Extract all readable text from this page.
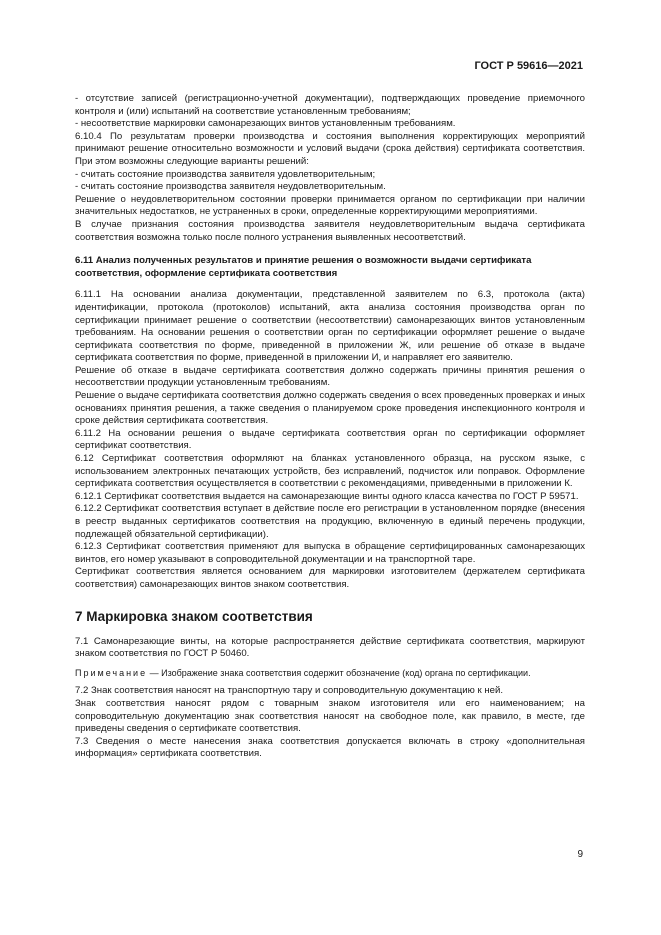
ГОСТ Р 59616—2021

- отсутствие записей (регистрационно-учетной документации), подтверждающих проведение приемочного контроля и (или) испытаний на соответствие установленным требованиям;

- несоответствие маркировки самонарезающих винтов установленным требованиям.

6.10.4 По результатам проверки производства и состояния выполнения корректирующих мероприятий принимают решение относительно возможности и условий выдачи (срока действия) сертификата соответствия. При этом возможны следующие варианты решений:

- считать состояние производства заявителя удовлетворительным;

- считать состояние производства заявителя неудовлетворительным.

Решение о неудовлетворительном состоянии проверки принимается органом по сертификации при наличии значительных недостатков, не устраненных в сроки, определенные корректирующими мероприятиями.

В случае признания состояния производства заявителя неудовлетворительным выдача сертификата соответствия возможна только после полного устранения выявленных несоответствий.

6.11 Анализ полученных результатов и принятие решения о возможности выдачи сертификата соответствия, оформление сертификата соответствия

6.11.1 На основании анализа документации, представленной заявителем по 6.3, протокола (акта) идентификации, протокола (протоколов) испытаний, акта анализа состояния производства орган по сертификации принимает решение о соответствии (несоответствии) самонарезающих винтов установленным требованиям. На основании решения о соответствии орган по сертификации оформляет решение о выдаче сертификата соответствия по форме, приведенной в приложении Ж, или решение об отказе в выдаче сертификата соответствия по форме, приведенной в приложении И, и направляет его заявителю.

Решение об отказе в выдаче сертификата соответствия должно содержать причины принятия решения о несоответствии продукции установленным требованиям.

Решение о выдаче сертификата соответствия должно содержать сведения о всех проведенных проверках и иных основаниях принятия решения, а также сведения о планируемом сроке проведения инспекционного контроля и сроке действия сертификата соответствия.

6.11.2 На основании решения о выдаче сертификата соответствия орган по сертификации оформляет сертификат соответствия.

6.12 Сертификат соответствия оформляют на бланках установленного образца, на русском языке, с использованием электронных печатающих устройств, без исправлений, подчисток или поправок. Оформление сертификата соответствия осуществляется в соответствии с рекомендациями, приведенными в приложении К.

6.12.1 Сертификат соответствия выдается на самонарезающие винты одного класса качества по ГОСТ Р 59571.

6.12.2 Сертификат соответствия вступает в действие после его регистрации в установленном порядке (внесения в реестр выданных сертификатов соответствия на продукцию, включенную в единый перечень продукции, подлежащей обязательной сертификации).

6.12.3 Сертификат соответствия применяют для выпуска в обращение сертифицированных самонарезающих винтов, его номер указывают в сопроводительной документации и на транспортной таре.

Сертификат соответствия является основанием для маркировки изготовителем (держателем сертификата соответствия) самонарезающих винтов знаком соответствия.

7 Маркировка знаком соответствия

7.1 Самонарезающие винты, на которые распространяется действие сертификата соответствия, маркируют знаком соответствия по ГОСТ Р 50460.

Примечание — Изображение знака соответствия содержит обозначение (код) органа по сертификации.

7.2 Знак соответствия наносят на транспортную тару и сопроводительную документацию к ней.

Знак соответствия наносят рядом с товарным знаком изготовителя или его наименованием; на сопроводительную документацию знак соответствия наносят на свободное поле, как правило, в месте, где приведены сведения о сертификате соответствия.

7.3 Сведения о месте нанесения знака соответствия допускается включать в строку «дополнительная информация» сертификата соответствия.

9
